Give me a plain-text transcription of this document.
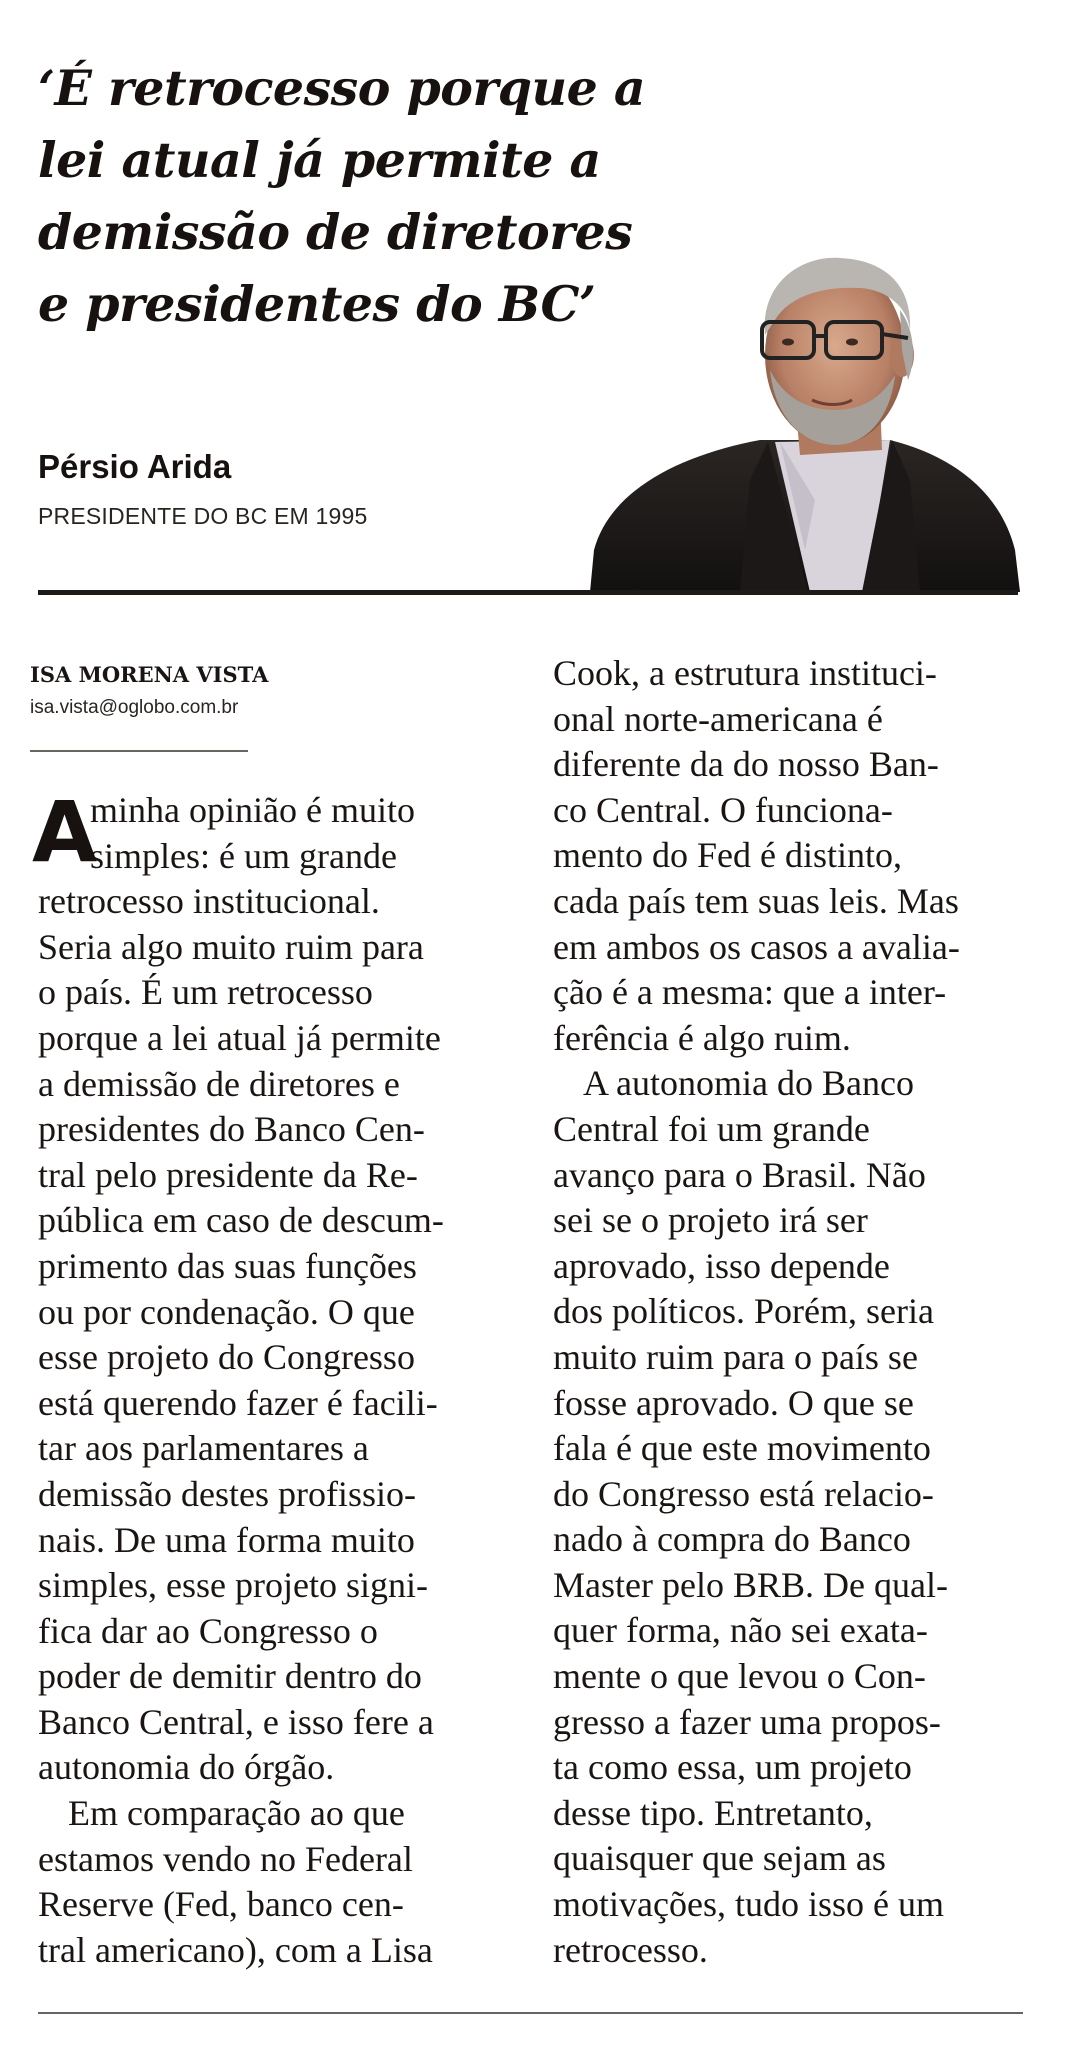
‘É retrocesso porque a
lei atual já permite a
demissão de diretores
e presidentes do BC’
Pérsio Arida
PRESIDENTE DO BC EM 1995
ISA MORENA VISTA
isa.vista@oglobo.com.br
A
minha opinião é muito
simples: é um grande
retrocesso institucional.
Seria algo muito ruim para
o país. É um retrocesso
porque a lei atual já permite
a demissão de diretores e
presidentes do Banco Cen-
tral pelo presidente da Re-
pública em caso de descum-
primento das suas funções
ou por condenação. O que
esse projeto do Congresso
está querendo fazer é facili-
tar aos parlamentares a
demissão destes profissio-
nais. De uma forma muito
simples, esse projeto signi-
fica dar ao Congresso o
poder de demitir dentro do
Banco Central, e isso fere a
autonomia do órgão.
Em comparação ao que
estamos vendo no Federal
Reserve (Fed, banco cen-
tral americano), com a Lisa
Cook, a estrutura instituci-
onal norte-americana é
diferente da do nosso Ban-
co Central. O funciona-
mento do Fed é distinto,
cada país tem suas leis. Mas
em ambos os casos a avalia-
ção é a mesma: que a inter-
ferência é algo ruim.
A autonomia do Banco
Central foi um grande
avanço para o Brasil. Não
sei se o projeto irá ser
aprovado, isso depende
dos políticos. Porém, seria
muito ruim para o país se
fosse aprovado. O que se
fala é que este movimento
do Congresso está relacio-
nado à compra do Banco
Master pelo BRB. De qual-
quer forma, não sei exata-
mente o que levou o Con-
gresso a fazer uma propos-
ta como essa, um projeto
desse tipo. Entretanto,
quaisquer que sejam as
motivações, tudo isso é um
retrocesso.
